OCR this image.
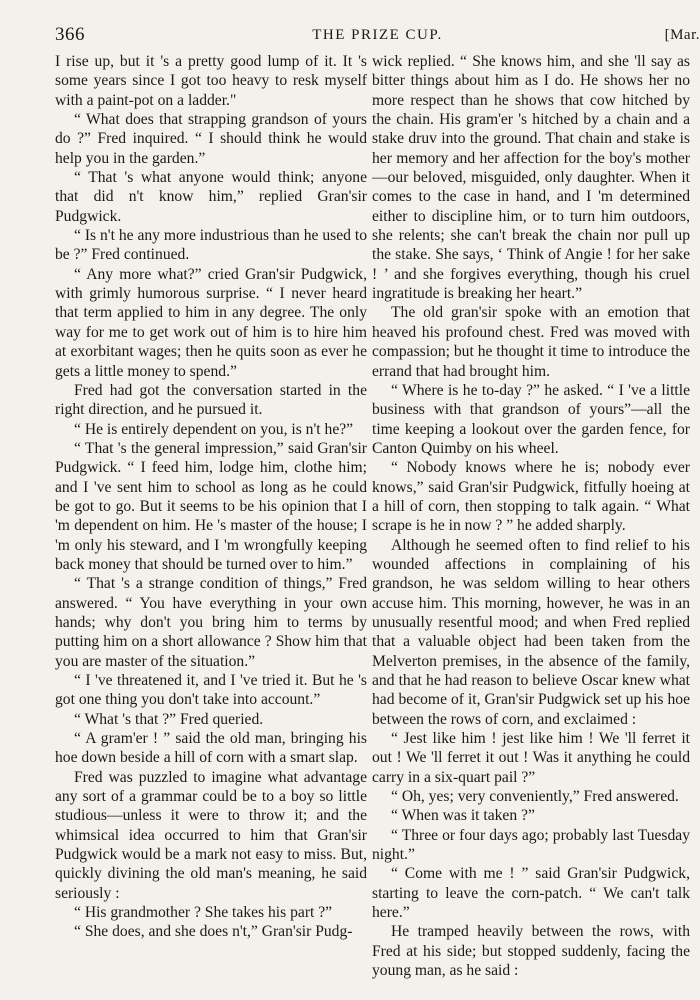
366	THE PRIZE CUP.	[Mar.

I rise up, but it 's a pretty good lump of it. It 's some years since I got too heavy to resk myself with a paint-pot on a ladder."

“ What does that strapping grandson of yours do ?” Fred inquired. “ I should think he would help you in the garden.”

“ That 's what anyone would think; anyone that did n't know him,” replied Gran'sir Pudgwick.

“ Is n't he any more industrious than he used to be ?” Fred continued.

“ Any more what?” cried Gran'sir Pudgwick, with grimly humorous surprise. “ I never heard that term applied to him in any degree. The only way for me to get work out of him is to hire him at exorbitant wages; then he quits soon as ever he gets a little money to spend.”

Fred had got the conversation started in the right direction, and he pursued it.

“ He is entirely dependent on you, is n't he?”

“ That 's the general impression,” said Gran'sir Pudgwick. “ I feed him, lodge him, clothe him; and I 've sent him to school as long as he could be got to go. But it seems to be his opinion that I 'm dependent on him. He 's master of the house; I 'm only his steward, and I 'm wrongfully keeping back money that should be turned over to him.”

“ That 's a strange condition of things,” Fred answered. “ You have everything in your own hands; why don't you bring him to terms by putting him on a short allowance ? Show him that you are master of the situation.”

“ I 've threatened it, and I 've tried it. But he 's got one thing you don't take into account.”

“ What 's that ?” Fred queried.

“ A gram'er ! ” said the old man, bringing his hoe down beside a hill of corn with a smart slap.

Fred was puzzled to imagine what advantage any sort of a grammar could be to a boy so little studious—unless it were to throw it; and the whimsical idea occurred to him that Gran'sir Pudgwick would be a mark not easy to miss. But, quickly divining the old man's meaning, he said seriously :

“ His grandmother ? She takes his part ?”

“ She does, and she does n't,” Gran'sir Pudg-

wick replied. “ She knows him, and she 'll say as bitter things about him as I do. He shows her no more respect than he shows that cow hitched by the chain. His gram'er 's hitched by a chain and a stake druv into the ground. That chain and stake is her memory and her affection for the boy's mother—our beloved, misguided, only daughter. When it comes to the case in hand, and I 'm determined either to discipline him, or to turn him outdoors, she relents; she can't break the chain nor pull up the stake. She says, ‘ Think of Angie ! for her sake ! ’ and she forgives everything, though his cruel ingratitude is breaking her heart.”

The old gran'sir spoke with an emotion that heaved his profound chest. Fred was moved with compassion; but he thought it time to introduce the errand that had brought him.

“ Where is he to-day ?” he asked. “ I 've a little business with that grandson of yours”—all the time keeping a lookout over the garden fence, for Canton Quimby on his wheel.

“ Nobody knows where he is; nobody ever knows,” said Gran'sir Pudgwick, fitfully hoeing at a hill of corn, then stopping to talk again. “ What scrape is he in now ? ” he added sharply.

Although he seemed often to find relief to his wounded affections in complaining of his grandson, he was seldom willing to hear others accuse him. This morning, however, he was in an unusually resentful mood; and when Fred replied that a valuable object had been taken from the Melverton premises, in the absence of the family, and that he had reason to believe Oscar knew what had become of it, Gran'sir Pudgwick set up his hoe between the rows of corn, and exclaimed :

“ Jest like him ! jest like him ! We 'll ferret it out ! We 'll ferret it out ! Was it anything he could carry in a six-quart pail ?”

“ Oh, yes; very conveniently,” Fred answered.

“ When was it taken ?”

“ Three or four days ago; probably last Tuesday night.”

“ Come with me ! ” said Gran'sir Pudgwick, starting to leave the corn-patch. “ We can't talk here.”

He tramped heavily between the rows, with Fred at his side; but stopped suddenly, facing the young man, as he said :
